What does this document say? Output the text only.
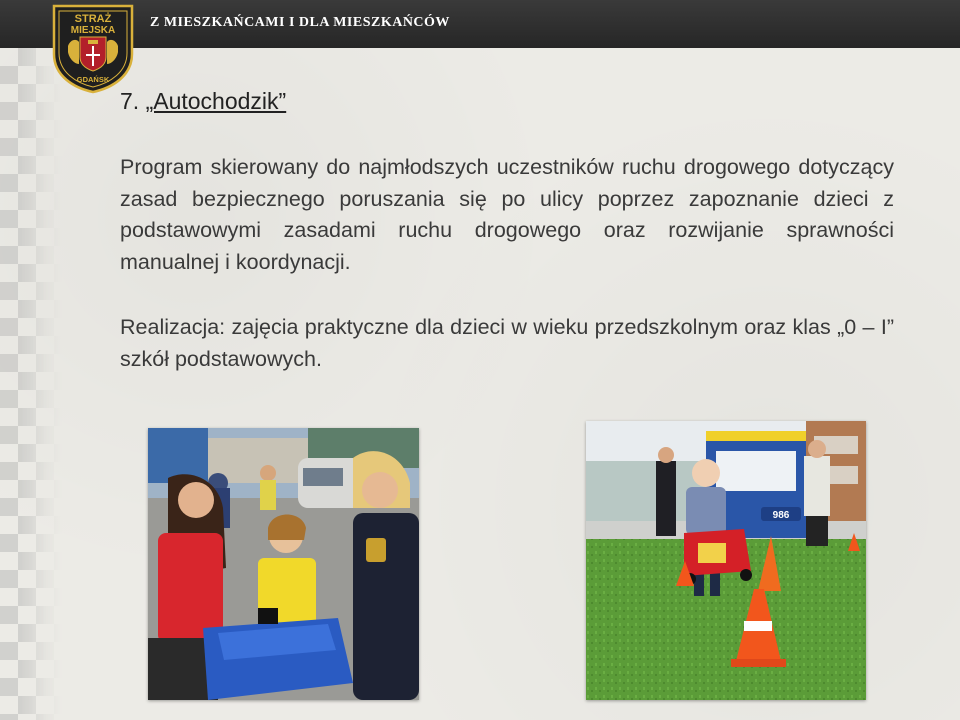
Z MIESZKAŃCAMI I DLA MIESZKAŃCÓW
STRAŻ
MIEJSKA
GDAŃSK
7. „Autochodzik”
Program skierowany do najmłodszych uczestników ruchu drogowego dotyczący zasad bezpiecznego poruszania się po ulicy poprzez zapoznanie dzieci z podstawowymi zasadami ruchu drogowego oraz rozwijanie sprawności manualnej i koordynacji.
Realizacja: zajęcia praktyczne dla dzieci w wieku przedszkolnym oraz klas „0 – I” szkół podstawowych.
986
